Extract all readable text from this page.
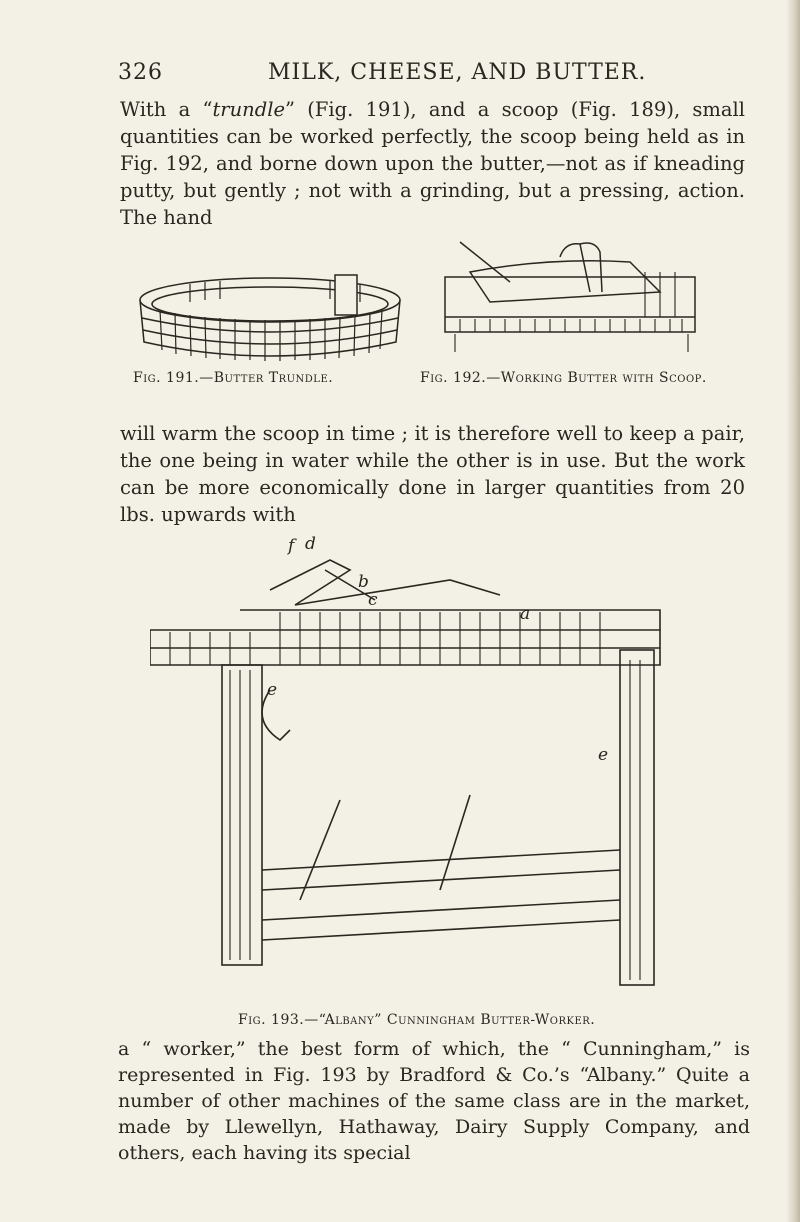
326	MILK, CHEESE, AND BUTTER.
With a “trundle” (Fig. 191), and a scoop (Fig. 189), small quantities can be worked perfectly, the scoop being held as in Fig. 192, and borne down upon the butter,—not as if kneading putty, but gently ; not with a grinding, but a pressing, action. The hand
Fig. 191.—Butter Trundle.	Fig. 192.—Working Butter with Scoop.
will warm the scoop in time ; it is therefore well to keep a pair, the one being in water while the other is in use. But the work can be more economically done in larger quantities from 20 lbs. upwards with
f d
b
c
a
e
e
Fig. 193.—“Albany” Cunningham Butter-Worker.
a “ worker,” the best form of which, the “ Cunningham,” is represented in Fig. 193 by Bradford & Co.’s “Albany.” Quite a number of other machines of the same class are in the market, made by Llewellyn, Hathaway, Dairy Supply Company, and others, each having its special
